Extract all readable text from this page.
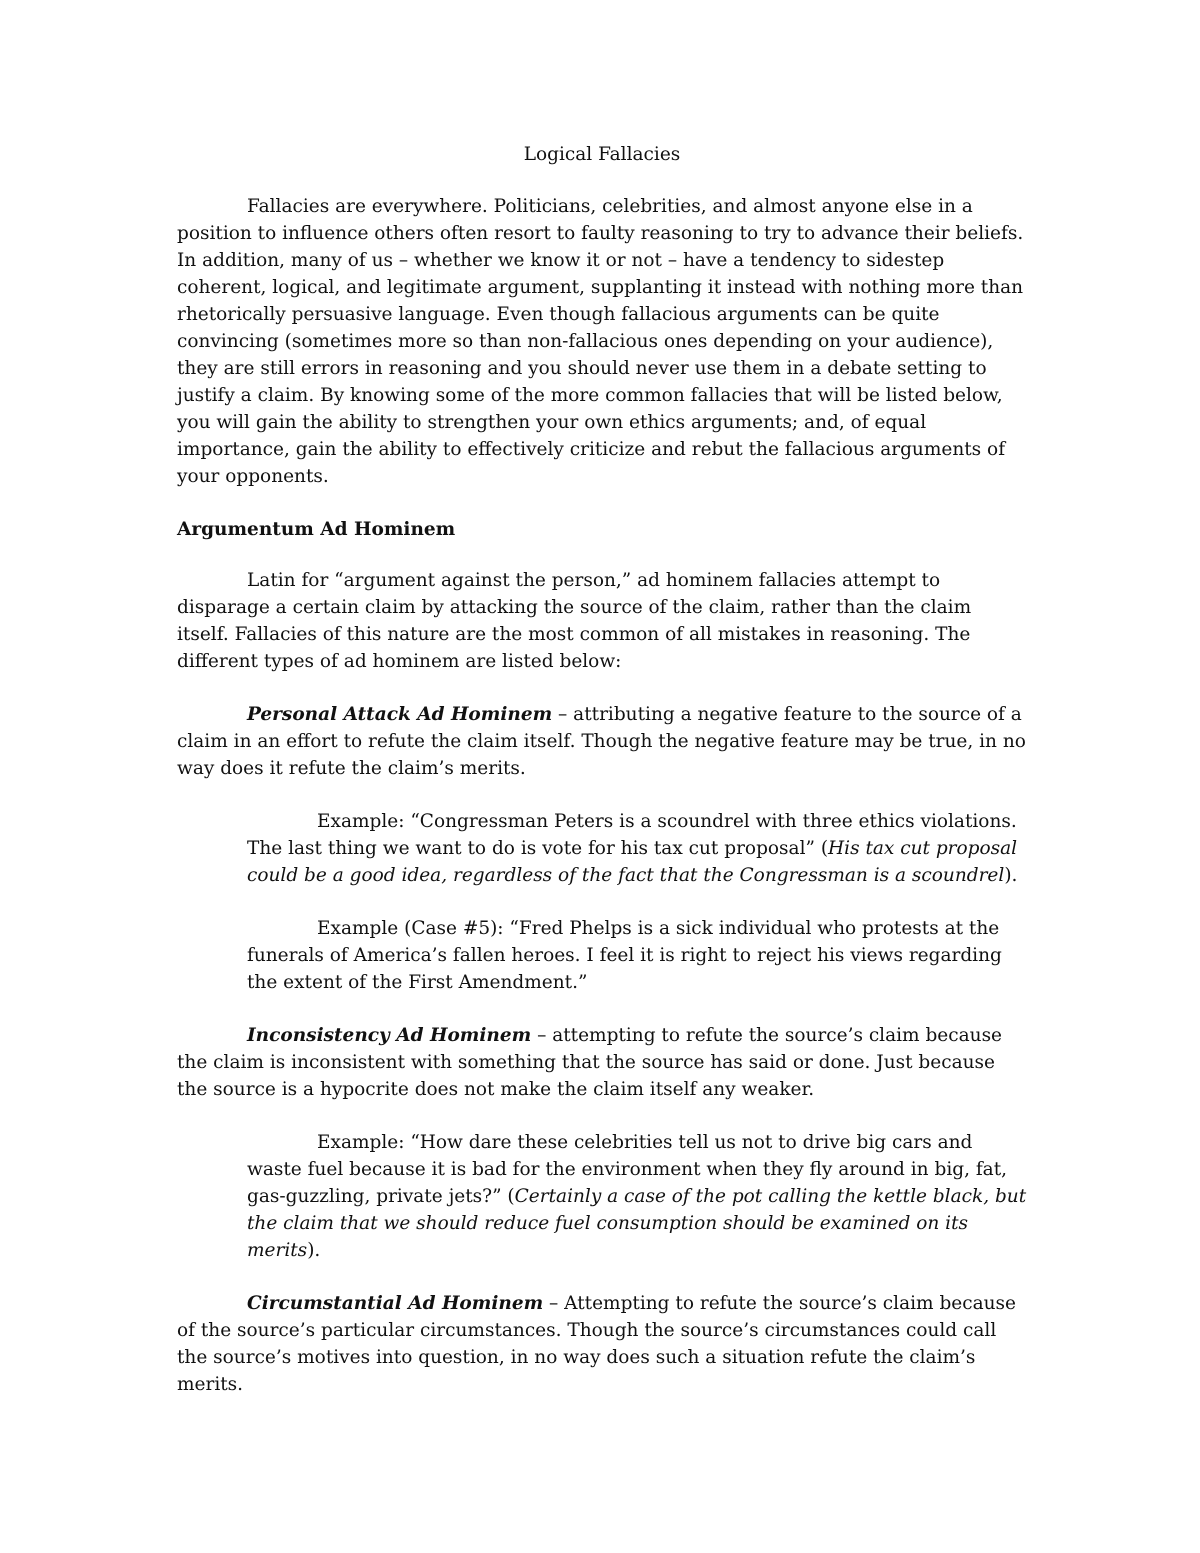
Logical Fallacies

Fallacies are everywhere. Politicians, celebrities, and almost anyone else in a position to influence others often resort to faulty reasoning to try to advance their beliefs. In addition, many of us – whether we know it or not – have a tendency to sidestep coherent, logical, and legitimate argument, supplanting it instead with nothing more than rhetorically persuasive language. Even though fallacious arguments can be quite convincing (sometimes more so than non-fallacious ones depending on your audience), they are still errors in reasoning and you should never use them in a debate setting to justify a claim. By knowing some of the more common fallacies that will be listed below, you will gain the ability to strengthen your own ethics arguments; and, of equal importance, gain the ability to effectively criticize and rebut the fallacious arguments of your opponents.

Argumentum Ad Hominem

Latin for “argument against the person,” ad hominem fallacies attempt to disparage a certain claim by attacking the source of the claim, rather than the claim itself. Fallacies of this nature are the most common of all mistakes in reasoning. The different types of ad hominem are listed below:

Personal Attack Ad Hominem – attributing a negative feature to the source of a claim in an effort to refute the claim itself. Though the negative feature may be true, in no way does it refute the claim’s merits.

Example: “Congressman Peters is a scoundrel with three ethics violations. The last thing we want to do is vote for his tax cut proposal” (His tax cut proposal could be a good idea, regardless of the fact that the Congressman is a scoundrel).

Example (Case #5): “Fred Phelps is a sick individual who protests at the funerals of America’s fallen heroes. I feel it is right to reject his views regarding the extent of the First Amendment.”

Inconsistency Ad Hominem – attempting to refute the source’s claim because the claim is inconsistent with something that the source has said or done. Just because the source is a hypocrite does not make the claim itself any weaker.

Example: “How dare these celebrities tell us not to drive big cars and waste fuel because it is bad for the environment when they fly around in big, fat, gas-guzzling, private jets?” (Certainly a case of the pot calling the kettle black, but the claim that we should reduce fuel consumption should be examined on its merits).

Circumstantial Ad Hominem – Attempting to refute the source’s claim because of the source’s particular circumstances. Though the source’s circumstances could call the source’s motives into question, in no way does such a situation refute the claim’s merits.
